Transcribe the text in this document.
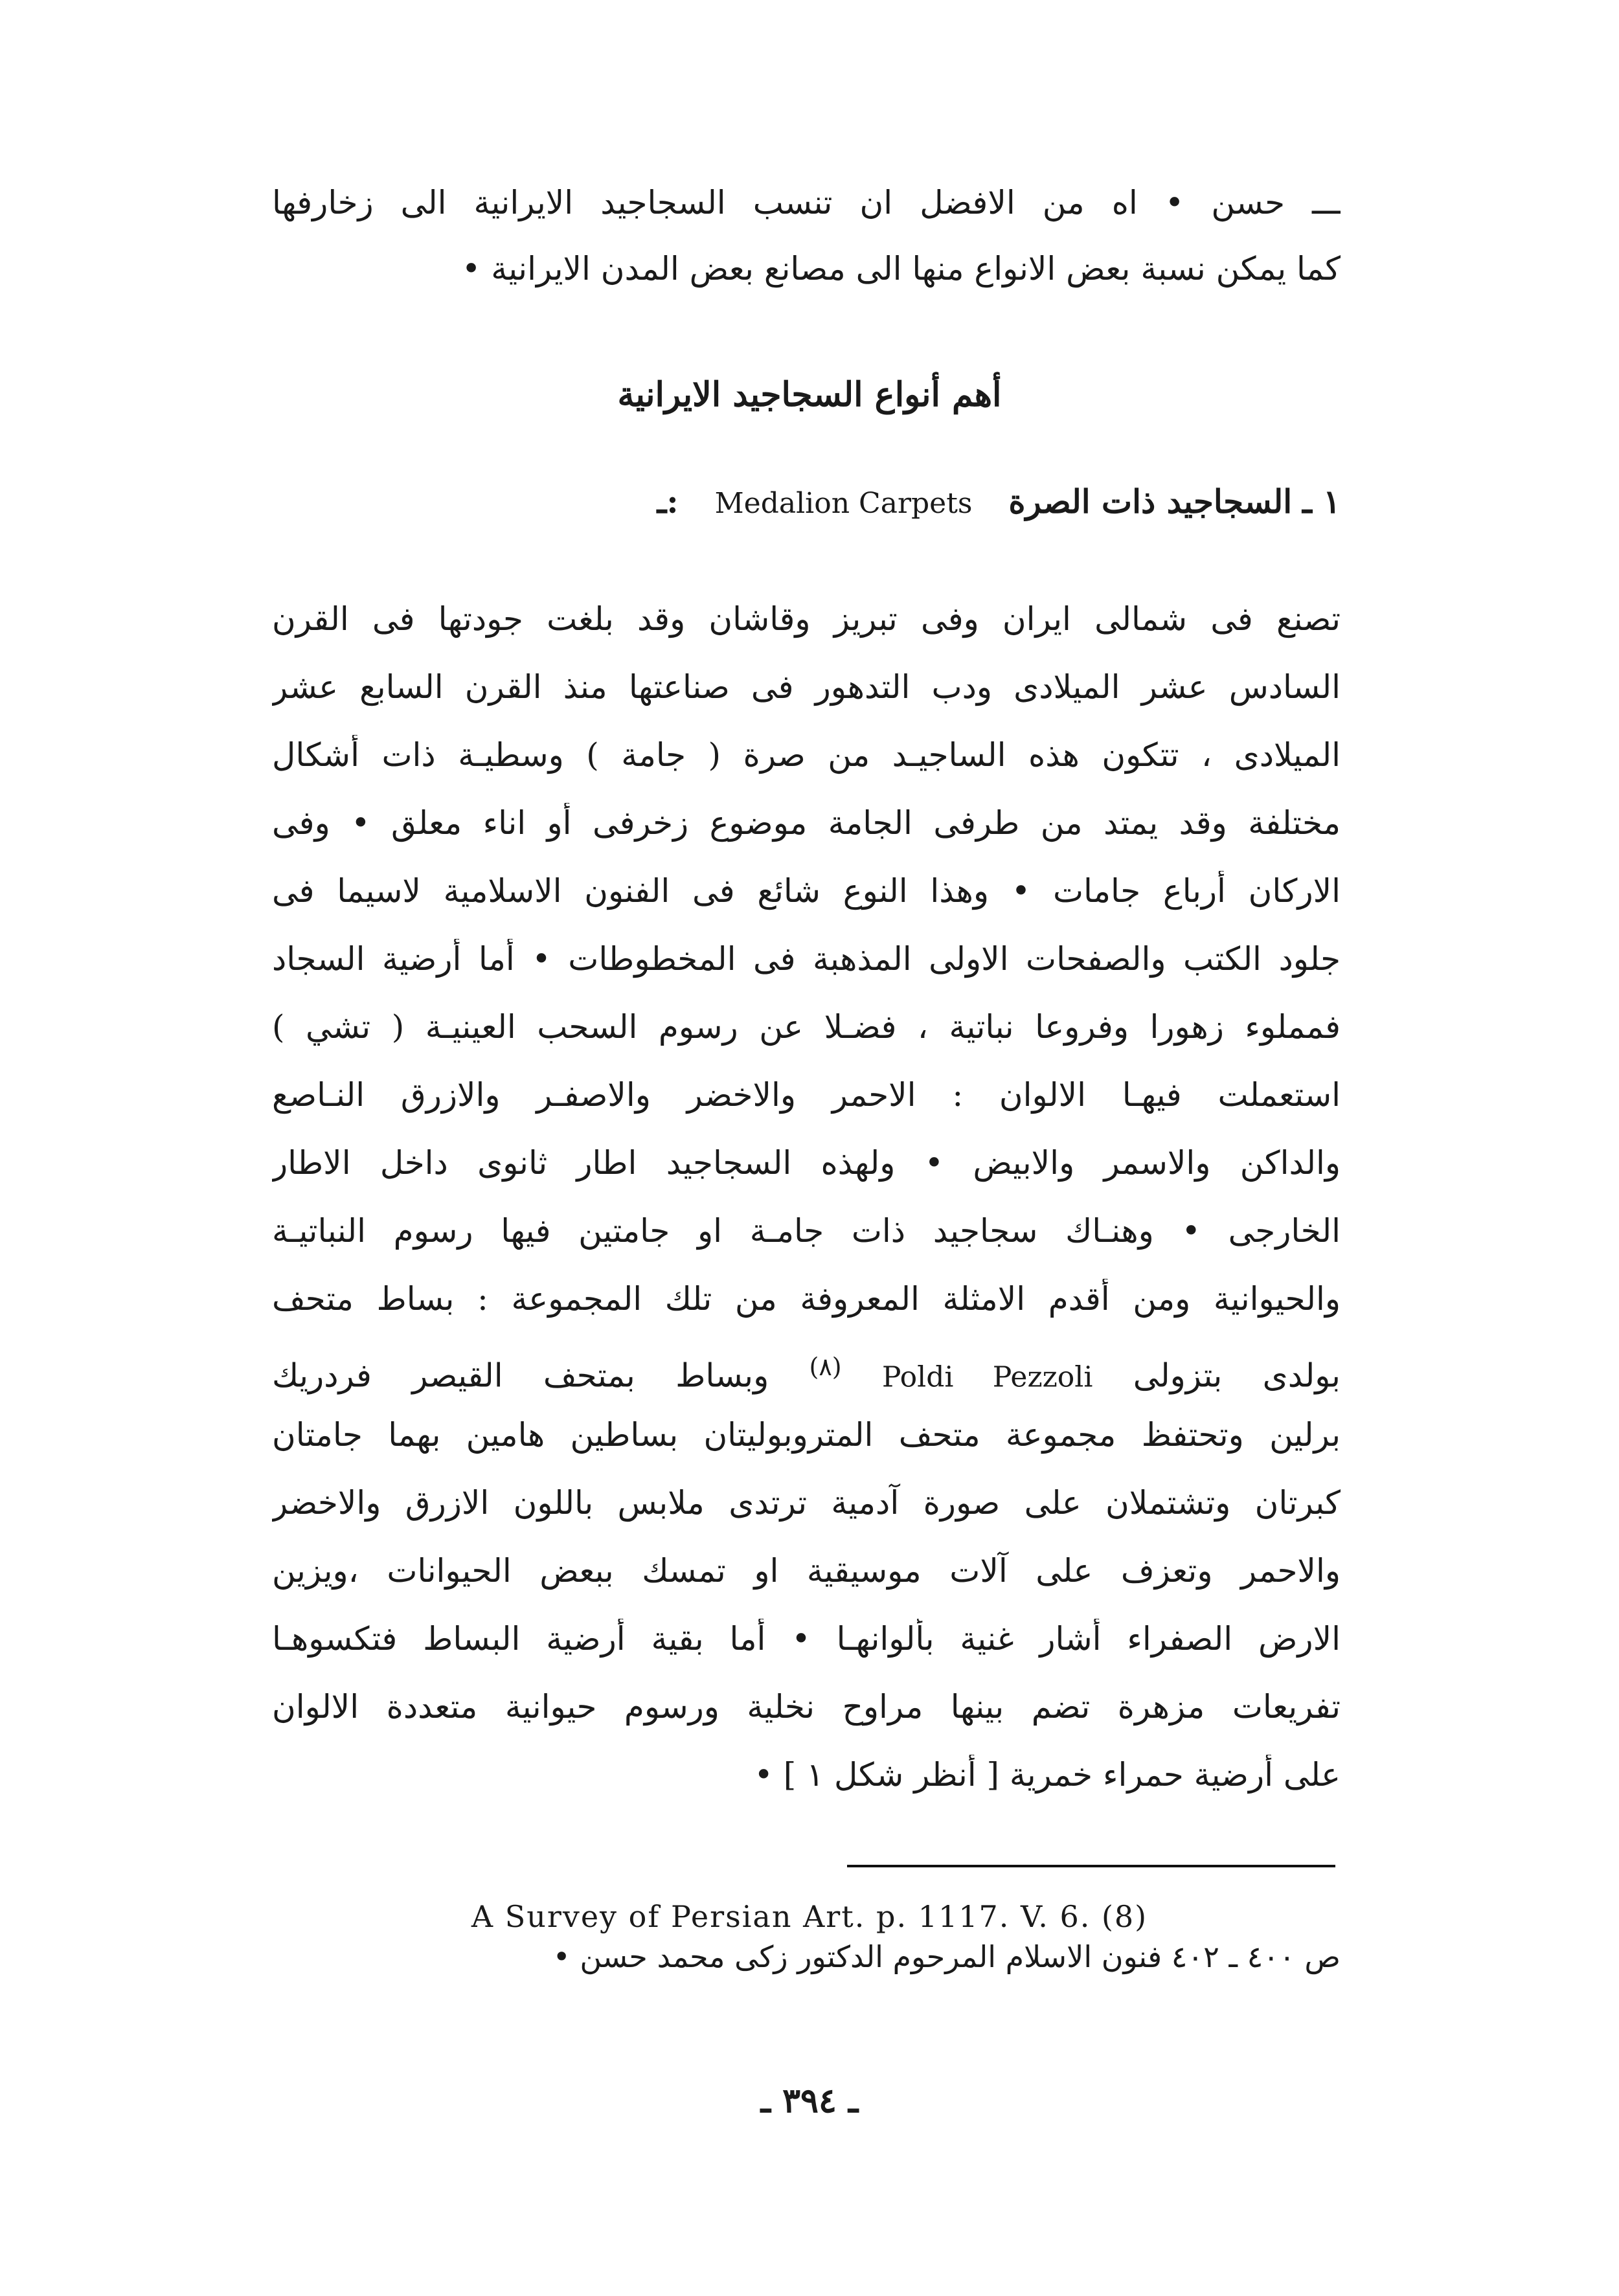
ـــ حسن • اه من الافضل ان تنسب السجاجيد الايرانية الى زخارفها
كما يمكن نسبة بعض الانواع منها الى مصانع بعض المدن الايرانية •
أهم أنواع السجاجيد الايرانية
١ ـ السجاجيد ذات الصرة Medalion Carpets :ـ
تصنع فى شمالى ايران وفى تبريز وقاشان وقد بلغت جودتها فى القرن
السادس عشر الميلادى ودب التدهور فى صناعتها منذ القرن السابع عشر
الميلادى ، تتكون هذه الساجيـد من صرة ( جامة ) وسطيـة ذات أشكال
مختلفة وقد يمتد من طرفى الجامة موضوع زخرفى أو اناء معلق • وفى
الاركان أرباع جامات • وهذا النوع شائع فى الفنون الاسلامية لاسيما فى
جلود الكتب والصفحات الاولى المذهبة فى المخطوطات • أما أرضية السجاد
فمملوء زهورا وفروعا نباتية ، فضـلا عن رسوم السحب العينيـة ( تشي )
استعملت فيهـا الالوان : الاحمر والاخضر والاصفـر والازرق النـاصع
والداكن والاسمر والابيض • ولهذه السجاجيد اطار ثانوى داخل الاطار
الخارجى • وهنـاك سجاجيد ذات جامـة او جامتين فيها رسوم النباتيـة
والحيوانية ومن أقدم الامثلة المعروفة من تلك المجموعة : بساط متحف
بولدى بتزولى Poldi Pezzoli $^{(٨)}$ وبساط بمتحف القيصر فردريك
برلين وتحتفظ مجموعة متحف المتروبوليتان بساطين هامين بهما جامتان
كبرتان وتشتملان على صورة آدمية ترتدى ملابس باللون الازرق والاخضر
والاحمر وتعزف على آلات موسيقية او تمسك ببعض الحيوانات ،ويزين
الارض الصفراء أشار غنية بألوانهـا • أما بقية أرضية البساط فتكسوهـا
تفريعات مزهرة تضم بينها مراوح نخلية ورسوم حيوانية متعددة الالوان
على أرضية حمراء خمرية [ أنظر شكل ١ ] •
A Survey of Persian Art. p. 1117. V. 6. (8)
ص ٤٠٠ ـ ٤٠٢ فنون الاسلام المرحوم الدكتور زكى محمد حسن •
ـ ٣٩٤ ـ
